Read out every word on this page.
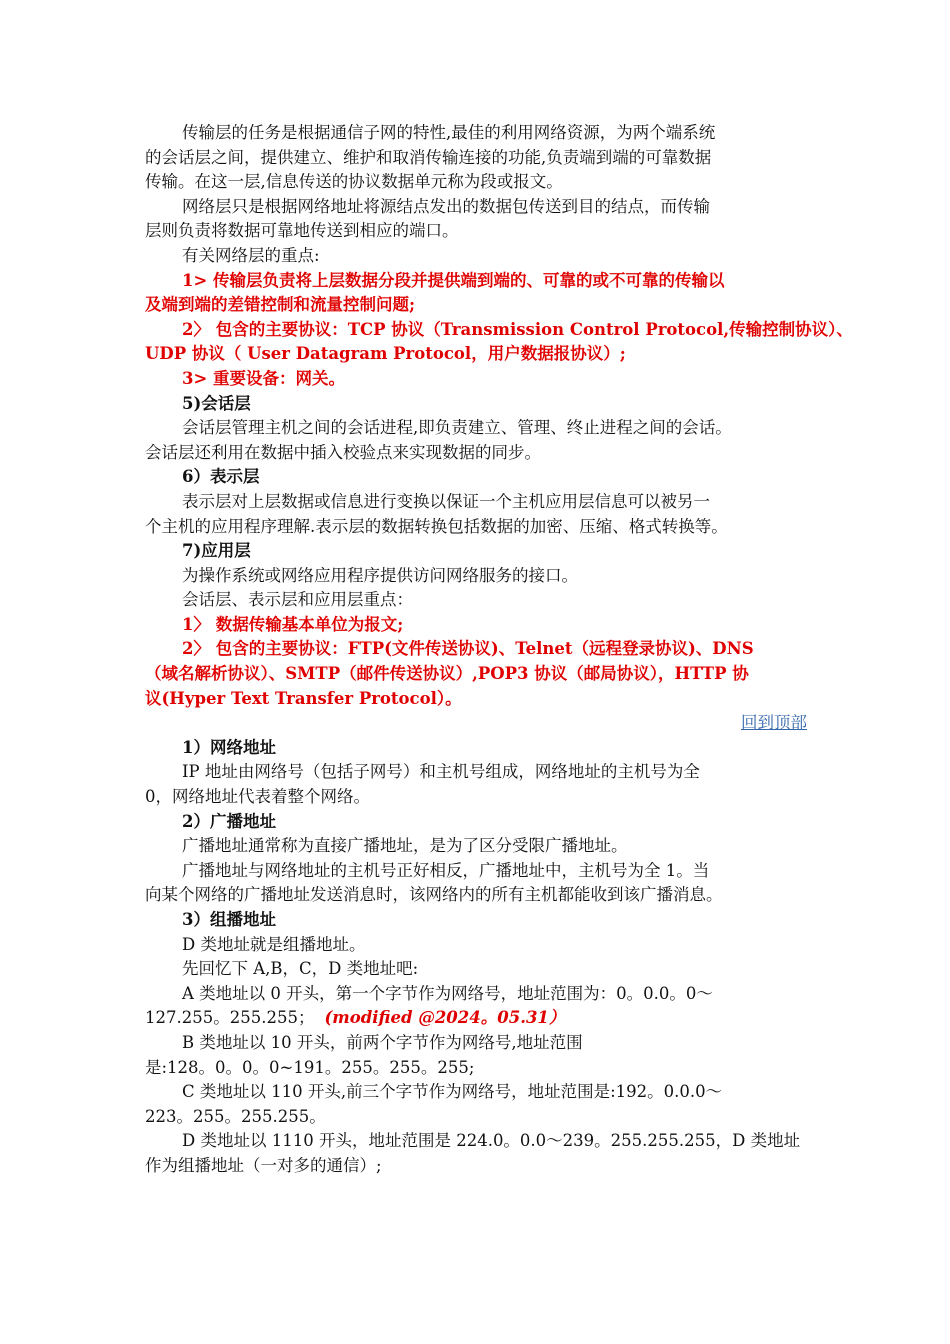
传输层的任务是根据通信子网的特性,最佳的利用网络资源，为两个端系统
的会话层之间，提供建立、维护和取消传输连接的功能,负责端到端的可靠数据
传输。在这一层,信息传送的协议数据单元称为段或报文。
网络层只是根据网络地址将源结点发出的数据包传送到目的结点，而传输
层则负责将数据可靠地传送到相应的端口。
有关网络层的重点:
1> 传输层负责将上层数据分段并提供端到端的、可靠的或不可靠的传输以
及端到端的差错控制和流量控制问题;
2〉 包含的主要协议：TCP 协议（Transmission Control Protocol,传输控制协议）、
UDP 协议（ User Datagram Protocol，用户数据报协议）;
3> 重要设备：网关。
5)会话层
会话层管理主机之间的会话进程,即负责建立、管理、终止进程之间的会话。
会话层还利用在数据中插入校验点来实现数据的同步。
6）表示层
表示层对上层数据或信息进行变换以保证一个主机应用层信息可以被另一
个主机的应用程序理解.表示层的数据转换包括数据的加密、压缩、格式转换等。
7)应用层
为操作系统或网络应用程序提供访问网络服务的接口。
会话层、表示层和应用层重点：
1〉 数据传输基本单位为报文;
2〉 包含的主要协议：FTP(文件传送协议)、Telnet（远程登录协议)、DNS
（域名解析协议）、SMTP（邮件传送协议）,POP3 协议（邮局协议），HTTP 协
议(Hyper Text Transfer Protocol）。
回到顶部
1）网络地址
IP 地址由网络号（包括子网号）和主机号组成，网络地址的主机号为全
0，网络地址代表着整个网络。
2）广播地址
广播地址通常称为直接广播地址，是为了区分受限广播地址。
广播地址与网络地址的主机号正好相反，广播地址中，主机号为全 1。当
向某个网络的广播地址发送消息时，该网络内的所有主机都能收到该广播消息。
3）组播地址
D 类地址就是组播地址。
先回忆下 A,B，C，D 类地址吧:
A 类地址以 0 开头，第一个字节作为网络号，地址范围为：0。0.0。0～
127.255。255.255； (modified @2024。05.31）
B 类地址以 10 开头，前两个字节作为网络号,地址范围
是:128。0。0。0~191。255。255。255;
C 类地址以 110 开头,前三个字节作为网络号，地址范围是:192。0.0.0～
223。255。255.255。
D 类地址以 1110 开头，地址范围是 224.0。0.0～239。255.255.255，D 类地址
作为组播地址（一对多的通信）;
